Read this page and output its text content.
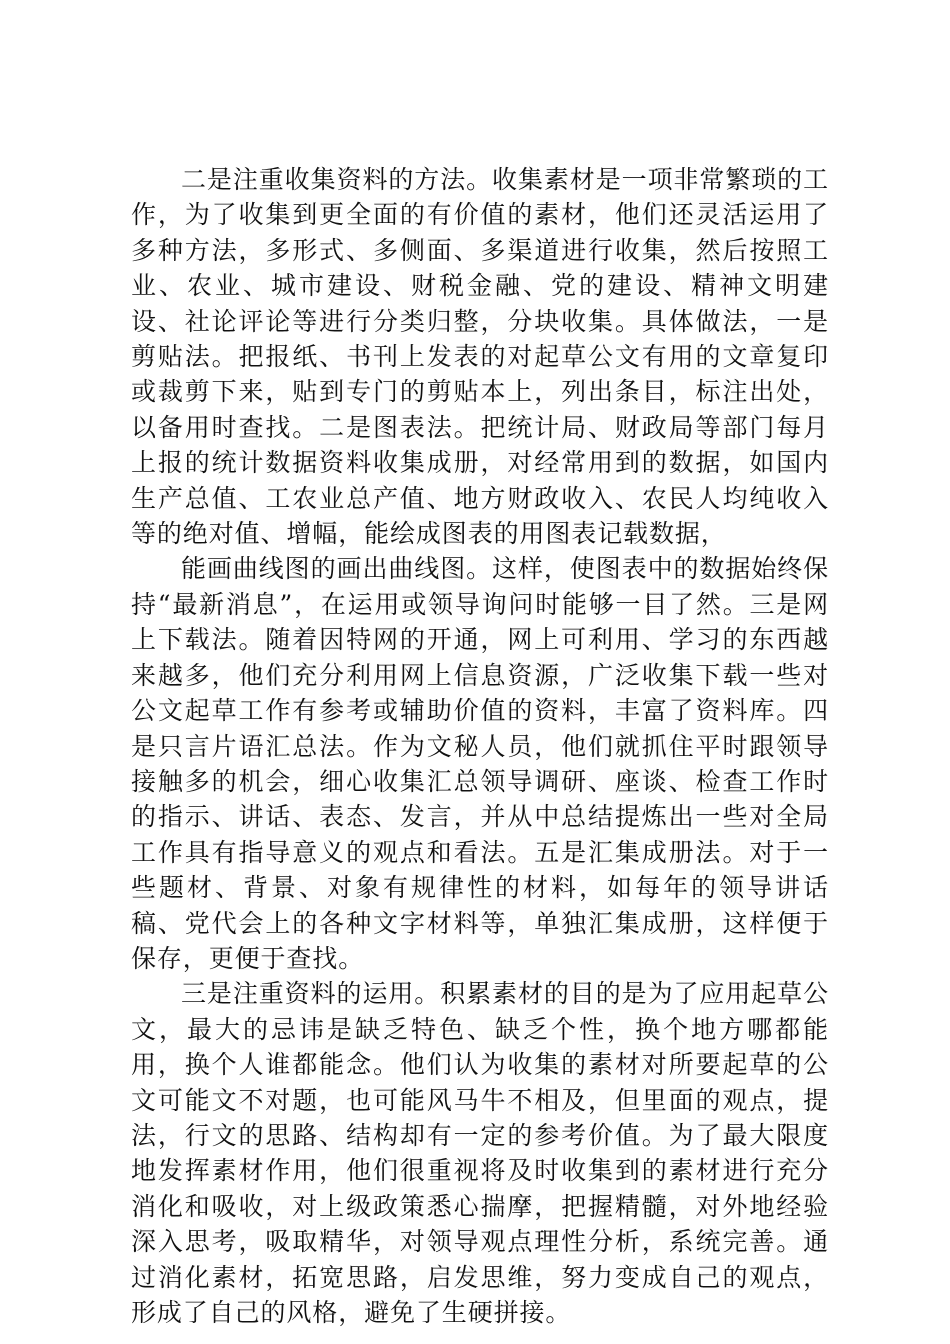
二是注重收集资料的方法。收集素材是一项非常繁琐的工作，为了收集到更全面的有价值的素材，他们还灵活运用了多种方法，多形式、多侧面、多渠道进行收集，然后按照工业、农业、城市建设、财税金融、党的建设、精神文明建设、社论评论等进行分类归整，分块收集。具体做法，一是剪贴法。把报纸、书刊上发表的对起草公文有用的文章复印或裁剪下来，贴到专门的剪贴本上，列出条目，标注出处，以备用时查找。二是图表法。把统计局、财政局等部门每月上报的统计数据资料收集成册，对经常用到的数据，如国内生产总值、工农业总产值、地方财政收入、农民人均纯收入等的绝对值、增幅，能绘成图表的用图表记载数据，

能画曲线图的画出曲线图。这样，使图表中的数据始终保持“最新消息”，在运用或领导询问时能够一目了然。三是网上下载法。随着因特网的开通，网上可利用、学习的东西越来越多，他们充分利用网上信息资源，广泛收集下载一些对公文起草工作有参考或辅助价值的资料，丰富了资料库。四是只言片语汇总法。作为文秘人员，他们就抓住平时跟领导接触多的机会，细心收集汇总领导调研、座谈、检查工作时的指示、讲话、表态、发言，并从中总结提炼出一些对全局工作具有指导意义的观点和看法。五是汇集成册法。对于一些题材、背景、对象有规律性的材料，如每年的领导讲话稿、党代会上的各种文字材料等，单独汇集成册，这样便于保存，更便于查找。

三是注重资料的运用。积累素材的目的是为了应用起草公文，最大的忌讳是缺乏特色、缺乏个性，换个地方哪都能用，换个人谁都能念。他们认为收集的素材对所要起草的公文可能文不对题，也可能风马牛不相及，但里面的观点，提法，行文的思路、结构却有一定的参考价值。为了最大限度地发挥素材作用，他们很重视将及时收集到的素材进行充分消化和吸收，对上级政策悉心揣摩，把握精髓，对外地经验深入思考，吸取精华，对领导观点理性分析，系统完善。通过消化素材，拓宽思路，启发思维，努力变成自己的观点，形成了自己的风格，避免了生硬拼接。
